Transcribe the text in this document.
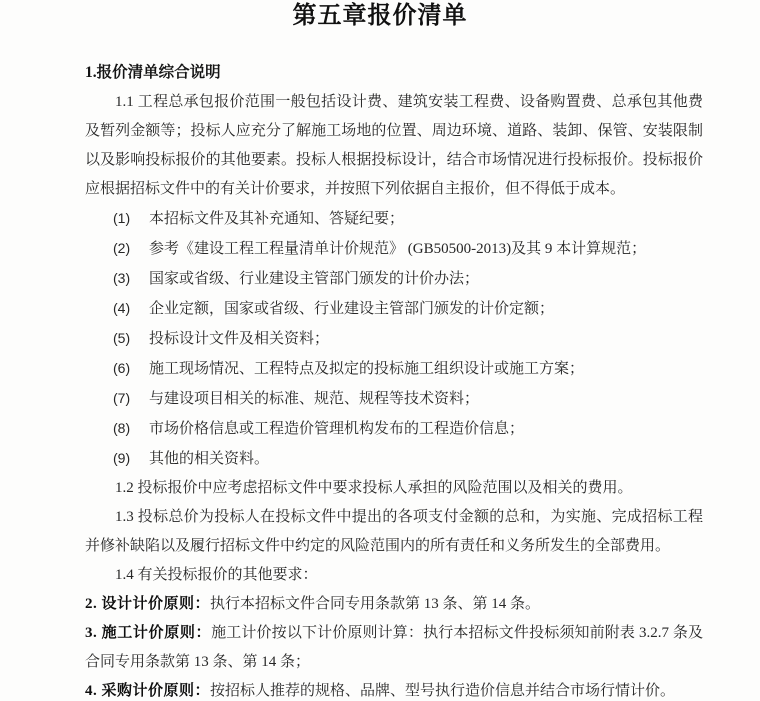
第五章报价清单
1.报价清单综合说明

1.1 工程总承包报价范围一般包括设计费、建筑安装工程费、设备购置费、总承包其他费及暂列金额等；投标人应充分了解施工场地的位置、周边环境、道路、装卸、保管、安装限制以及影响投标报价的其他要素。投标人根据投标设计，结合市场情况进行投标报价。投标报价应根据招标文件中的有关计价要求，并按照下列依据自主报价，但不得低于成本。

(1) 本招标文件及其补充通知、答疑纪要；

(2) 参考《建设工程工程量清单计价规范》 (GB50500-2013)及其 9 本计算规范；

(3) 国家或省级、行业建设主管部门颁发的计价办法；

(4) 企业定额，国家或省级、行业建设主管部门颁发的计价定额；

(5) 投标设计文件及相关资料；

(6) 施工现场情况、工程特点及拟定的投标施工组织设计或施工方案；

(7) 与建设项目相关的标准、规范、规程等技术资料；

(8) 市场价格信息或工程造价管理机构发布的工程造价信息；

(9) 其他的相关资料。

1.2 投标报价中应考虑招标文件中要求投标人承担的风险范围以及相关的费用。

1.3 投标总价为投标人在投标文件中提出的各项支付金额的总和，为实施、完成招标工程并修补缺陷以及履行招标文件中约定的风险范围内的所有责任和义务所发生的全部费用。

1.4 有关投标报价的其他要求：

2. 设计计价原则：执行本招标文件合同专用条款第 13 条、第 14 条。

3. 施工计价原则：施工计价按以下计价原则计算：执行本招标文件投标须知前附表 3.2.7 条及合同专用条款第 13 条、第 14 条；

4. 采购计价原则：按招标人推荐的规格、品牌、型号执行造价信息并结合市场行情计价。
